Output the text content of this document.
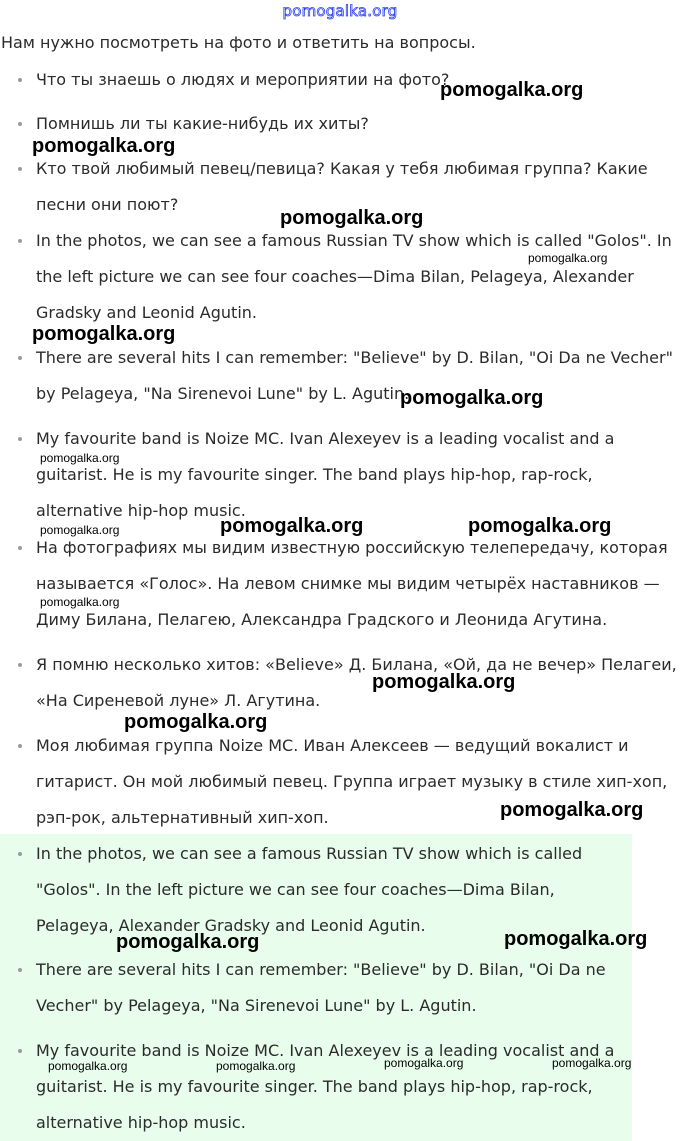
pomogalka.org
Нам нужно посмотреть на фото и ответить на вопросы.
Что ты знаешь о людях и мероприятии на фото?
Помнишь ли ты какие-нибудь их хиты?
Кто твой любимый певец/певица? Какая у тебя любимая группа? Какие
песни они поют?
In the photos, we can see a famous Russian TV show which is called "Golos". In
the left picture we can see four coaches—Dima Bilan, Pelageya, Alexander
Gradsky and Leonid Agutin.
There are several hits I can remember: "Believe" by D. Bilan, "Oi Da ne Vecher"
by Pelageya, "Na Sirenevoi Lune" by L. Agutin.
My favourite band is Noize MC. Ivan Alexeyev is a leading vocalist and a
guitarist. He is my favourite singer. The band plays hip-hop, rap-rock,
alternative hip-hop music.
На фотографиях мы видим известную российскую телепередачу, которая
называется «Голос». На левом снимке мы видим четырёх наставников —
Диму Билана, Пелагею, Александра Градского и Леонида Агутина.
Я помню несколько хитов: «Believe» Д. Билана, «Ой, да не вечер» Пелагеи,
«На Сиреневой луне» Л. Агутина.
Моя любимая группа Noize MC. Иван Алексеев — ведущий вокалист и
гитарист. Он мой любимый певец. Группа играет музыку в стиле хип-хоп,
рэп-рок, альтернативный хип-хоп.
In the photos, we can see a famous Russian TV show which is called
"Golos". In the left picture we can see four coaches—Dima Bilan,
Pelageya, Alexander Gradsky and Leonid Agutin.
There are several hits I can remember: "Believe" by D. Bilan, "Oi Da ne
Vecher" by Pelageya, "Na Sirenevoi Lune" by L. Agutin.
My favourite band is Noize MC. Ivan Alexeyev is a leading vocalist and a
guitarist. He is my favourite singer. The band plays hip-hop, rap-rock,
alternative hip-hop music.
pomogalka.org
pomogalka.org
pomogalka.org
pomogalka.org
pomogalka.org
pomogalka.org
pomogalka.org
pomogalka.org	pomogalka.org	pomogalka.org
pomogalka.org
pomogalka.org
pomogalka.org
pomogalka.org
pomogalka.org	pomogalka.org
pomogalka.org	pomogalka.org	pomogalka.org	pomogalka.org
